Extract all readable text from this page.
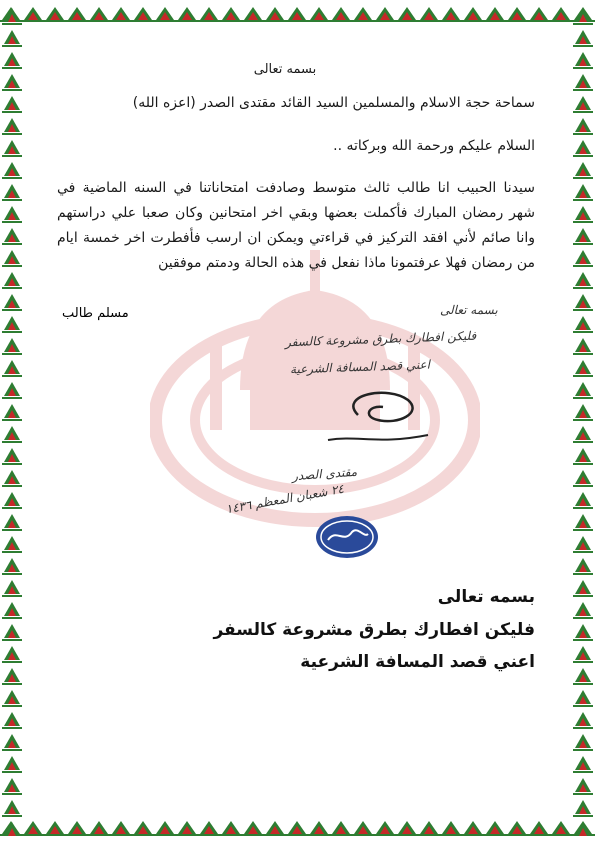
بسمه تعالى
سماحة حجة الاسلام والمسلمين السيد القائد مقتدى الصدر (اعزه الله)
السلام عليكم ورحمة الله وبركاته ..
سيدنا الحبيب انا طالب ثالث متوسط وصادفت امتحاناتنا في السنه الماضية في شهر رمضان المبارك فأكملت بعضها وبقي اخر امتحانين وكان صعبا علي دراستهم وانا صائم لأني افقد التركيز في قراءتي ويمكن ان ارسب فأفطرت اخر خمسة ايام من رمضان فهلا عرفتمونا ماذا نفعل في هذه الحالة ودمتم موفقين
مسلم طالب	بسمه تعالى
فليكن افطارك بطرق مشروعة كالسفر
اعني قصد المسافة الشرعية
مقتدى الصدر
٢٤ شعبان المعظم ١٤٣٦
بسمه تعالى
فليكن افطارك بطرق مشروعة كالسفر
اعني قصد المسافة الشرعية
